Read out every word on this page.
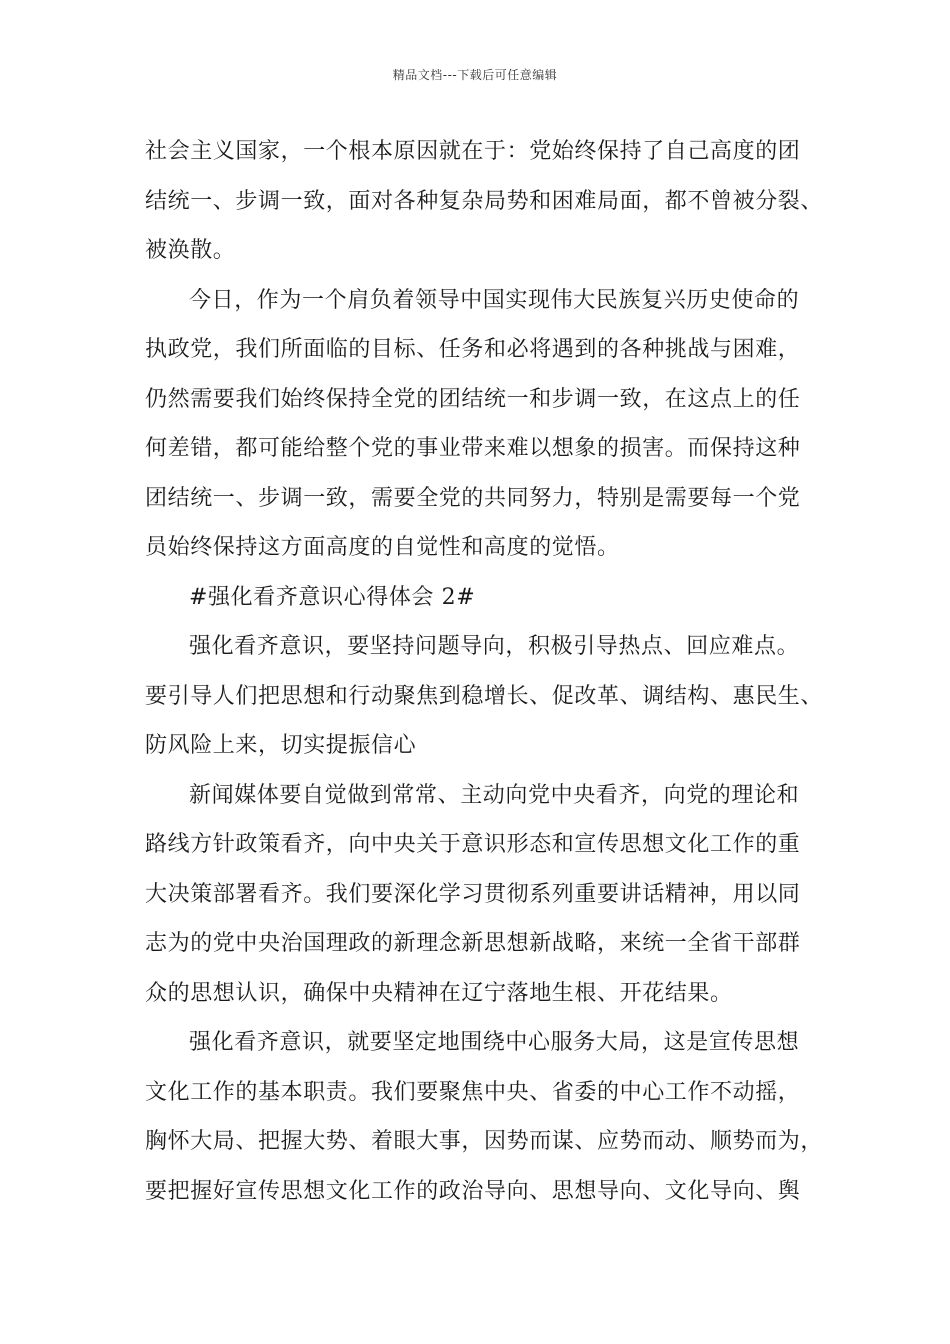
精品文档---下载后可任意编辑
社会主义国家，一个根本原因就在于：党始终保持了自己高度的团
结统一、步调一致，面对各种复杂局势和困难局面，都不曾被分裂、
被涣散。
今日，作为一个肩负着领导中国实现伟大民族复兴历史使命的
执政党，我们所面临的目标、任务和必将遇到的各种挑战与困难，
仍然需要我们始终保持全党的团结统一和步调一致，在这点上的任
何差错，都可能给整个党的事业带来难以想象的损害。而保持这种
团结统一、步调一致，需要全党的共同努力，特别是需要每一个党
员始终保持这方面高度的自觉性和高度的觉悟。
#强化看齐意识心得体会 2#
强化看齐意识，要坚持问题导向，积极引导热点、回应难点。
要引导人们把思想和行动聚焦到稳增长、促改革、调结构、惠民生、
防风险上来，切实提振信心
新闻媒体要自觉做到常常、主动向党中央看齐，向党的理论和
路线方针政策看齐，向中央关于意识形态和宣传思想文化工作的重
大决策部署看齐。我们要深化学习贯彻系列重要讲话精神，用以同
志为的党中央治国理政的新理念新思想新战略，来统一全省干部群
众的思想认识，确保中央精神在辽宁落地生根、开花结果。
强化看齐意识，就要坚定地围绕中心服务大局，这是宣传思想
文化工作的基本职责。我们要聚焦中央、省委的中心工作不动摇，
胸怀大局、把握大势、着眼大事，因势而谋、应势而动、顺势而为，
要把握好宣传思想文化工作的政治导向、思想导向、文化导向、舆
